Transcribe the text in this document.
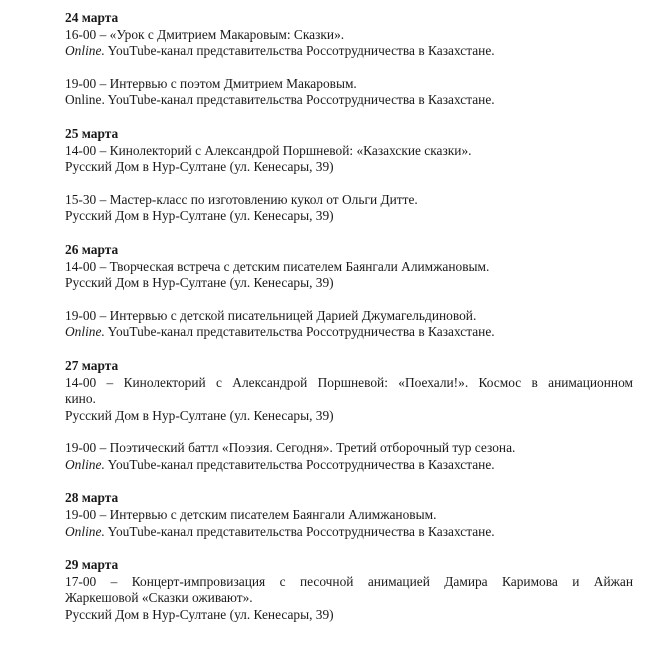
24 марта
16-00 – «Урок с Дмитрием Макаровым: Сказки».
Online. YouTube-канал представительства Россотрудничества в Казахстане.
19-00 – Интервью с поэтом Дмитрием Макаровым.
Online. YouTube-канал представительства Россотрудничества в Казахстане.
25 марта
14-00 – Кинолекторий с Александрой Поршневой: «Казахские сказки».
Русский Дом в Нур-Султане (ул. Кенесары, 39)
15-30 – Мастер-класс по изготовлению кукол от Ольги Дитте.
Русский Дом в Нур-Султане (ул. Кенесары, 39)
26 марта
14-00 – Творческая встреча с детским писателем Баянгали Алимжановым.
Русский Дом в Нур-Султане (ул. Кенесары, 39)
19-00 – Интервью с детской писательницей Дарией Джумагельдиновой.
Online. YouTube-канал представительства Россотрудничества в Казахстане.
27 марта
14-00 – Кинолекторий с Александрой Поршневой: «Поехали!». Космос в анимационном
кино.
Русский Дом в Нур-Султане (ул. Кенесары, 39)
19-00 – Поэтический баттл «Поэзия. Сегодня». Третий отборочный тур сезона.
Online. YouTube-канал представительства Россотрудничества в Казахстане.
28 марта
19-00 – Интервью с детским писателем Баянгали Алимжановым.
Online. YouTube-канал представительства Россотрудничества в Казахстане.
29 марта
17-00 – Концерт-импровизация с песочной анимацией Дамира Каримова и Айжан
Жаркешовой «Сказки оживают».
Русский Дом в Нур-Султане (ул. Кенесары, 39)
